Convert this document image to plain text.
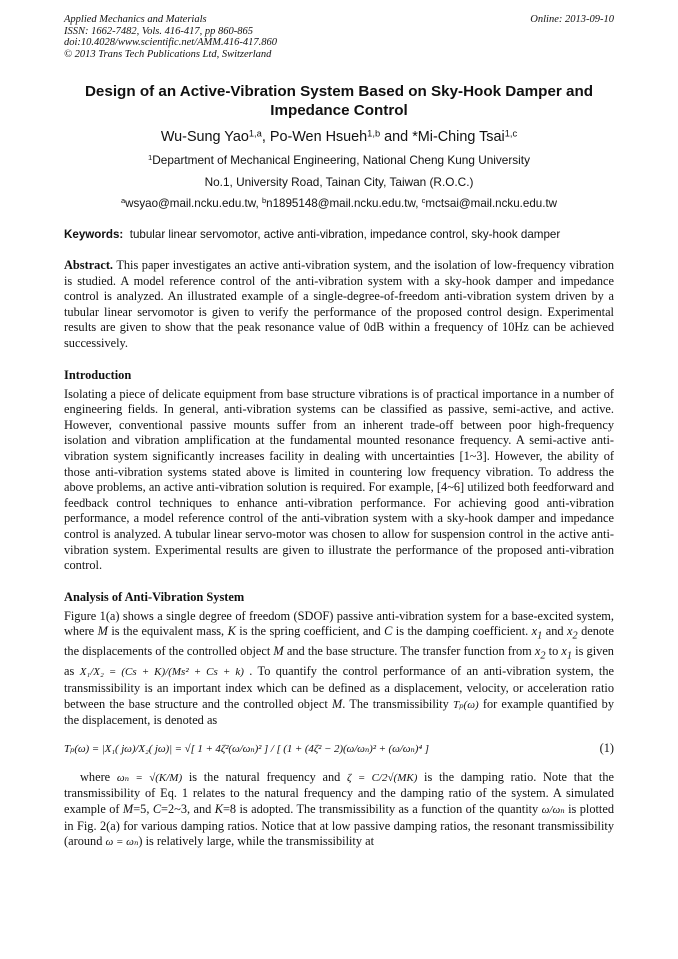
Applied Mechanics and Materials
ISSN: 1662-7482, Vols. 416-417, pp 860-865
doi:10.4028/www.scientific.net/AMM.416-417.860
© 2013 Trans Tech Publications Ltd, Switzerland
Online: 2013-09-10
Design of an Active-Vibration System Based on Sky-Hook Damper and Impedance Control
Wu-Sung Yao$^{1,a}$, Po-Wen Hsueh$^{1,b}$ and *Mi-Ching Tsai$^{1,c}$
$^1$Department of Mechanical Engineering, National Cheng Kung University
No.1, University Road, Tainan City, Taiwan (R.O.C.)
$^a$wsyao@mail.ncku.edu.tw, $^b$n1895148@mail.ncku.edu.tw, $^c$mctsai@mail.ncku.edu.tw
Keywords: tubular linear servomotor, active anti-vibration, impedance control, sky-hook damper

Abstract. This paper investigates an active anti-vibration system, and the isolation of low-frequency vibration is studied. A model reference control of the anti-vibration system with a sky-hook damper and impedance control is analyzed. An illustrated example of a single-degree-of-freedom anti-vibration system driven by a tubular linear servomotor is given to verify the performance of the proposed control design. Experimental results are given to show that the peak resonance value of 0dB within a frequency of 10Hz can be achieved successively.

Introduction

Isolating a piece of delicate equipment from base structure vibrations is of practical importance in a number of engineering fields. In general, anti-vibration systems can be classified as passive, semi-active, and active. However, conventional passive mounts suffer from an inherent trade-off between poor high-frequency isolation and vibration amplification at the fundamental mounted resonance frequency. A semi-active anti-vibration system significantly increases facility in dealing with uncertainties [1~3]. However, the ability of those anti-vibration systems stated above is limited in countering low frequency vibration. To address the above problems, an active anti-vibration solution is required. For example, [4~6] utilized both feedforward and feedback control techniques to enhance anti-vibration performance. For achieving good anti-vibration performance, a model reference control of the anti-vibration system with a sky-hook damper and impedance control is analyzed. A tubular linear servo-motor was chosen to allow for suspension control in the active anti-vibration system. Experimental results are given to illustrate the performance of the proposed anti-vibration control.

Analysis of Anti-Vibration System

Figure 1(a) shows a single degree of freedom (SDOF) passive anti-vibration system for a base-excited system, where M is the equivalent mass, K is the spring coefficient, and C is the damping coefficient. $x_1$ and $x_2$ denote the displacements of the controlled object M and the base structure. The transfer function from $x_2$ to $x_1$ is given as X₁/X₂ = (Cs + K)/(Ms² + Cs + k) . To quantify the control performance of an anti-vibration system, the transmissibility is an important index which can be defined as a displacement, velocity, or acceleration ratio between the base structure and the controlled object M. The transmissibility Tₚ(ω) for example quantified by the displacement, is denoted as

Tₚ(ω) = |X₁( jω)/X₂( jω)| = √[ 1 + 4ζ²(ω/ωₙ)² ] / [ (1 + (4ζ² − 2)(ω/ωₙ)² + (ω/ωₙ)⁴ ]	(1)

where ωₙ = √(K/M) is the natural frequency and ζ = C/2√(MK) is the damping ratio. Note that the transmissibility of Eq. 1 relates to the natural frequency and the damping ratio of the system. A simulated example of M=5, C=2~3, and K=8 is adopted. The transmissibility as a function of the quantity ω/ωₙ is plotted in Fig. 2(a) for various damping ratios. Notice that at low passive damping ratios, the resonant transmissibility (around ω = ωₙ) is relatively large, while the transmissibility at
